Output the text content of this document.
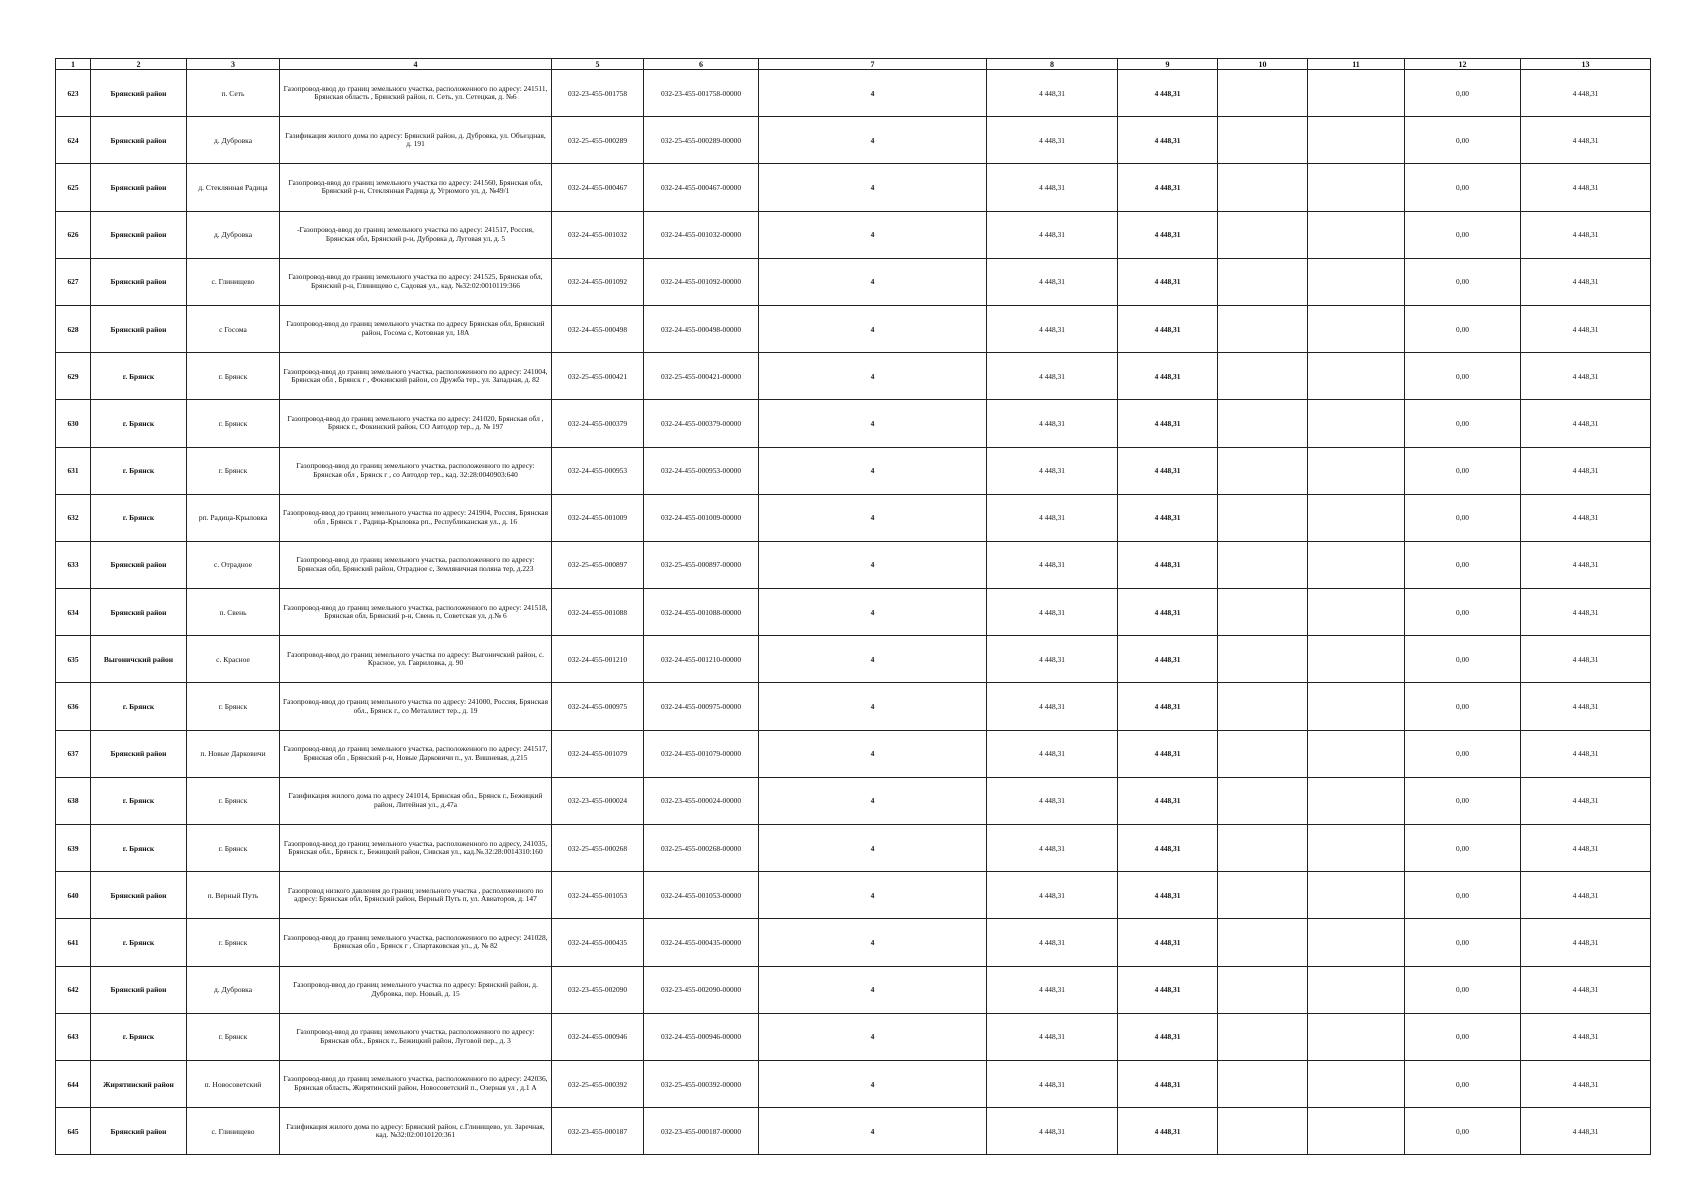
1	2	3	4	5	6	7	8	9	10	11	12	13
623	Брянский район	п. Сеть	Газопровод-ввод до границ земельного участка, расположенного по адресу: 241511, Брянская область , Брянский район, п. Сеть, ул. Сетецкая, д. №6	032-23-455-001758	032-23-455-001758-00000	4	4 448,31	4 448,31			0,00	4 448,31
624	Брянский район	д. Дубровка	Газификация жилого дома по адресу: Брянский район, д. Дубровка, ул. Объездная, д. 191	032-25-455-000289	032-25-455-000289-00000	4	4 448,31	4 448,31			0,00	4 448,31
625	Брянский район	д. Стеклянная Радица	Газопровод-ввод до границ земельного участка по адресу: 241560, Брянская обл, Брянский р-н, Стеклянная Радица д, Угрюмого ул, д. №49/1	032-24-455-000467	032-24-455-000467-00000	4	4 448,31	4 448,31			0,00	4 448,31
626	Брянский район	д. Дубровка	-Газопровод-ввод до границ земельного участка по адресу: 241517, Россия, Брянская обл, Брянский р-н, Дубровка д, Луговая ул, д. 5	032-24-455-001032	032-24-455-001032-00000	4	4 448,31	4 448,31			0,00	4 448,31
627	Брянский район	с. Глинищево	Газопровод-ввод до границ земельного участка по адресу: 241525, Брянская обл, Брянский р-н, Глинищево с, Садовая ул., кад. №32:02:0010119:366	032-24-455-001092	032-24-455-001092-00000	4	4 448,31	4 448,31			0,00	4 448,31
628	Брянский район	с Госома	Газопровод-ввод до границ земельного участка по адресу Брянская обл, Брянский район, Госома с, Котовная ул, 18А	032-24-455-000498	032-24-455-000498-00000	4	4 448,31	4 448,31			0,00	4 448,31
629	г. Брянск	г. Брянск	Газопровод-ввод до границ земельного участка, расположенного по адресу: 241004, Брянская обл , Брянск г , Фокинский район, со Дружба тер., ул. Западная, д. 82	032-25-455-000421	032-25-455-000421-00000	4	4 448,31	4 448,31			0,00	4 448,31
630	г. Брянск	г. Брянск	Газопровод-ввод до границ земельного участка по адресу: 241020, Брянская обл , Брянск г., Фокинский район, СО Автодор тер., д. № 197	032-24-455-000379	032-24-455-000379-00000	4	4 448,31	4 448,31			0,00	4 448,31
631	г. Брянск	г. Брянск	Газопровод-ввод до границ земельного участка, расположенного по адресу: Брянская обл , Брянск г , со Автодор тер., кад. 32:28:0040903:640	032-24-455-000953	032-24-455-000953-00000	4	4 448,31	4 448,31			0,00	4 448,31
632	г. Брянск	рп. Радица-Крыловка	Газопровод-ввод до границ земельного участка по адресу: 241904, Россия, Брянская обл , Брянск г , Радица-Крыловка рп., Республиканская ул., д. 16	032-24-455-001009	032-24-455-001009-00000	4	4 448,31	4 448,31			0,00	4 448,31
633	Брянский район	с. Отрадное	Газопровод-ввод до границ земельного участка, расположенного по адресу: Брянская обл, Брянский район, Отрадное с, Земляничная поляна тер, д.223	032-25-455-000897	032-25-455-000897-00000	4	4 448,31	4 448,31			0,00	4 448,31
634	Брянский район	п. Свень	Газопровод-ввод до границ земельного участка, расположенного по адресу: 241518, Брянская обл, Брянский р-н, Свень п, Советская ул, д.№ 6	032-24-455-001088	032-24-455-001088-00000	4	4 448,31	4 448,31			0,00	4 448,31
635	Выгоничский район	с. Красное	Газопровод-ввод до границ земельного участка по адресу: Выгоничский район, с. Красное, ул. Гавриловка, д. 90	032-24-455-001210	032-24-455-001210-00000	4	4 448,31	4 448,31			0,00	4 448,31
636	г. Брянск	г. Брянск	Газопровод-ввод до границ земельного участка по адресу: 241000, Россия, Брянская обл., Брянск г., со Металлист тер., д. 19	032-24-455-000975	032-24-455-000975-00000	4	4 448,31	4 448,31			0,00	4 448,31
637	Брянский район	п. Новые Дарковичи	Газопровод-ввод до границ земельного участка, расположенного по адресу: 241517, Брянская обл , Брянский р-н, Новые Дарковичи п., ул. Вишневая, д.215	032-24-455-001079	032-24-455-001079-00000	4	4 448,31	4 448,31			0,00	4 448,31
638	г. Брянск	г. Брянск	Газификация жилого дома по адресу 241014, Брянская обл., Брянск г., Бежицкий район, Литейная ул., д.47а	032-23-455-000024	032-23-455-000024-00000	4	4 448,31	4 448,31			0,00	4 448,31
639	г. Брянск	г. Брянск	Газопровод-ввод до границ земельного участка, расположенного по адресу, 241035, Брянская обл., Брянск г., Бежицкий район, Сивская ул., кад.№.32:28:0014310:160	032-25-455-000268	032-25-455-000268-00000	4	4 448,31	4 448,31			0,00	4 448,31
640	Брянский район	п. Верный Путь	Газопровод низкого давления до границ земельного участка , расположенного по адресу: Брянская обл, Брянский район, Верный Путь п, ул. Авиаторов, д. 147	032-24-455-001053	032-24-455-001053-00000	4	4 448,31	4 448,31			0,00	4 448,31
641	г. Брянск	г. Брянск	Газопровод-ввод до границ земельного участка, расположенного по адресу: 241028, Брянская обл , Брянск г , Спартаковская ул., д. № 82	032-24-455-000435	032-24-455-000435-00000	4	4 448,31	4 448,31			0,00	4 448,31
642	Брянский район	д. Дубровка	Газопровод-ввод до границ земельного участка по адресу: Брянский район, д. Дубровка, пер. Новый, д. 15	032-23-455-002090	032-23-455-002090-00000	4	4 448,31	4 448,31			0,00	4 448,31
643	г. Брянск	г. Брянск	Газопровод-ввод до границ земельного участка, расположенного по адресу: Брянская обл., Брянск г., Бежицкий район, Луговой пер., д. 3	032-24-455-000946	032-24-455-000946-00000	4	4 448,31	4 448,31			0,00	4 448,31
644	Жирятинский район	п. Новосоветский	Газопровод-ввод до границ земельного участка, расположенного по адресу: 242036, Брянская область, Жирятинский район, Новосоветский п., Озерная ул , д.1 А	032-25-455-000392	032-25-455-000392-00000	4	4 448,31	4 448,31			0,00	4 448,31
645	Брянский район	с. Глинищево	Газификация жилого дома по адресу: Брянский район, с.Глинищево, ул. Заречная, кад. №32:02:0010120:361	032-23-455-000187	032-23-455-000187-00000	4	4 448,31	4 448,31			0,00	4 448,31
